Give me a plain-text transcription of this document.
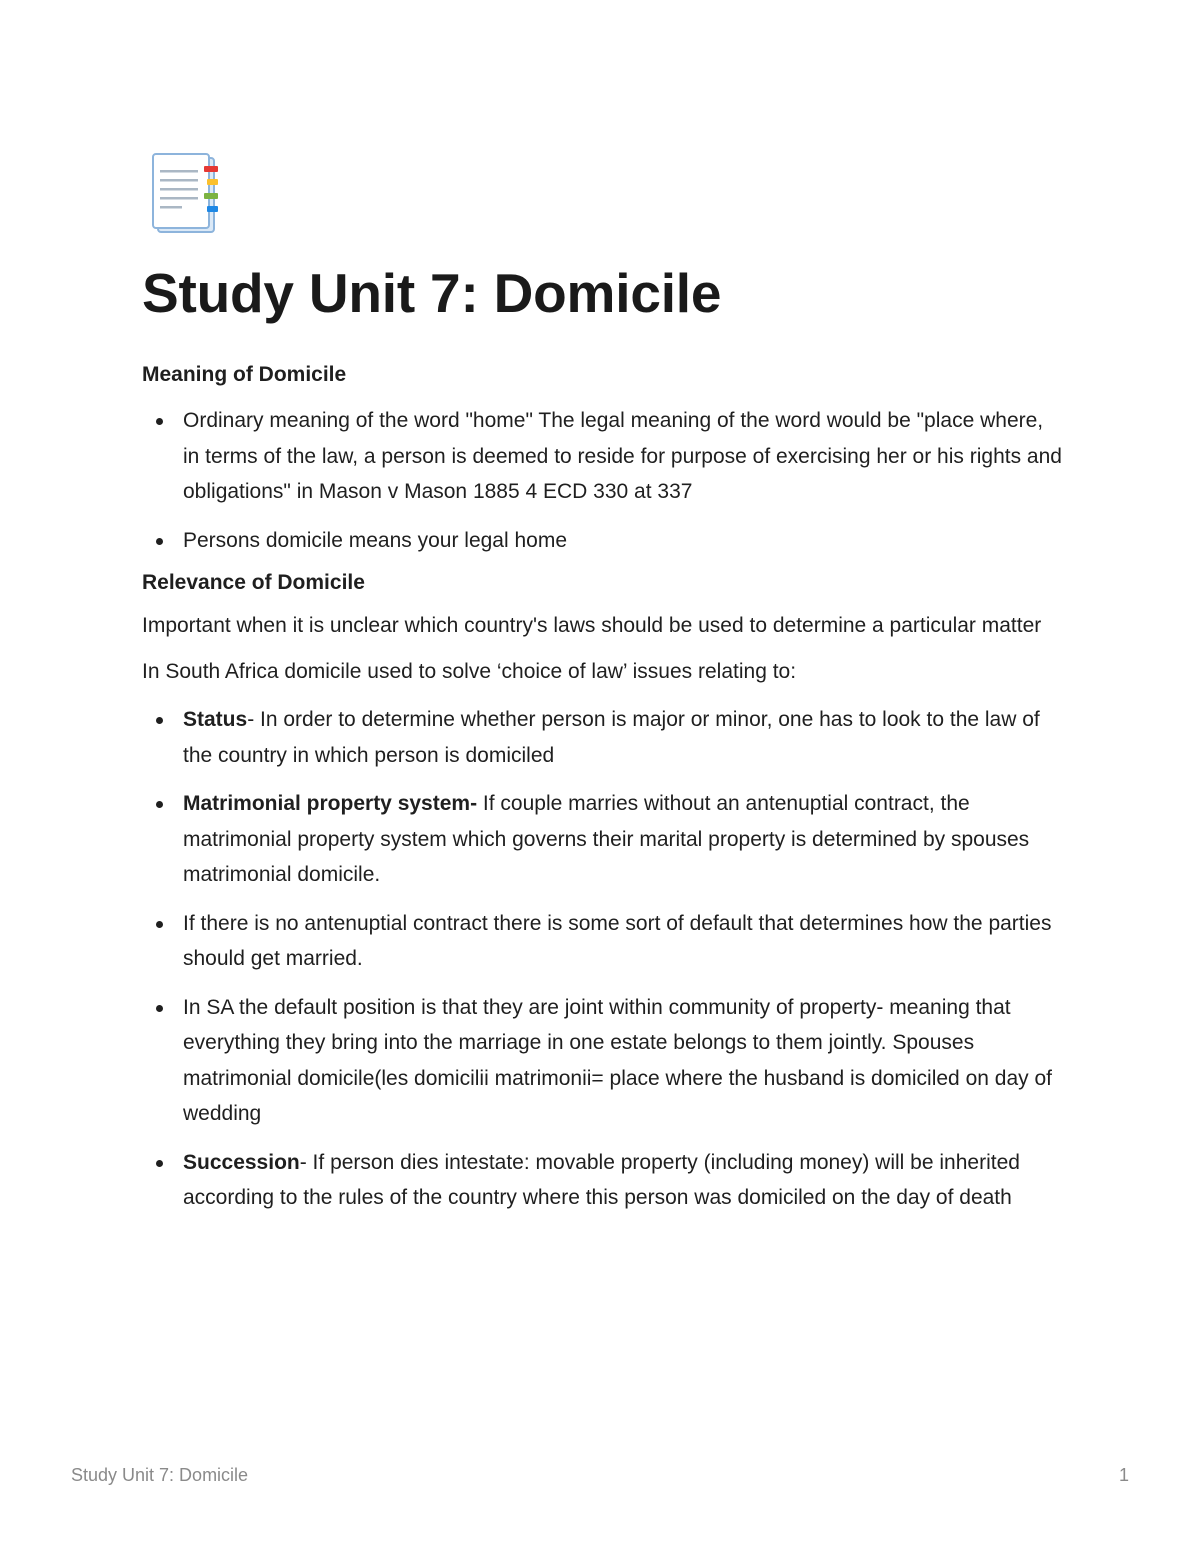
Study Unit 7: Domicile
Meaning of Domicile
Ordinary meaning of the word "home" The legal meaning of the word would be "place where, in terms of the law, a person is deemed to reside for purpose of exercising her or his rights and obligations" in Mason v Mason 1885 4 ECD 330 at 337
Persons domicile means your legal home
Relevance of Domicile

Important when it is unclear which country's laws should be used to determine a particular matter

In South Africa domicile used to solve ‘choice of law’ issues relating to:

Status- In order to determine whether person is major or minor, one has to look to the law of the country in which person is domiciled
Matrimonial property system- If couple marries without an antenuptial contract, the matrimonial property system which governs their marital property is determined by spouses matrimonial domicile.
If there is no antenuptial contract there is some sort of default that determines how the parties should get married.
In SA the default position is that they are joint within community of property- meaning that everything they bring into the marriage in one estate belongs to them jointly. Spouses matrimonial domicile(les domicilii matrimonii= place where the husband is domiciled on day of wedding
Succession- If person dies intestate: movable property (including money) will be inherited according to the rules of the country where this person was domiciled on the day of death
Study Unit 7: Domicile	1
